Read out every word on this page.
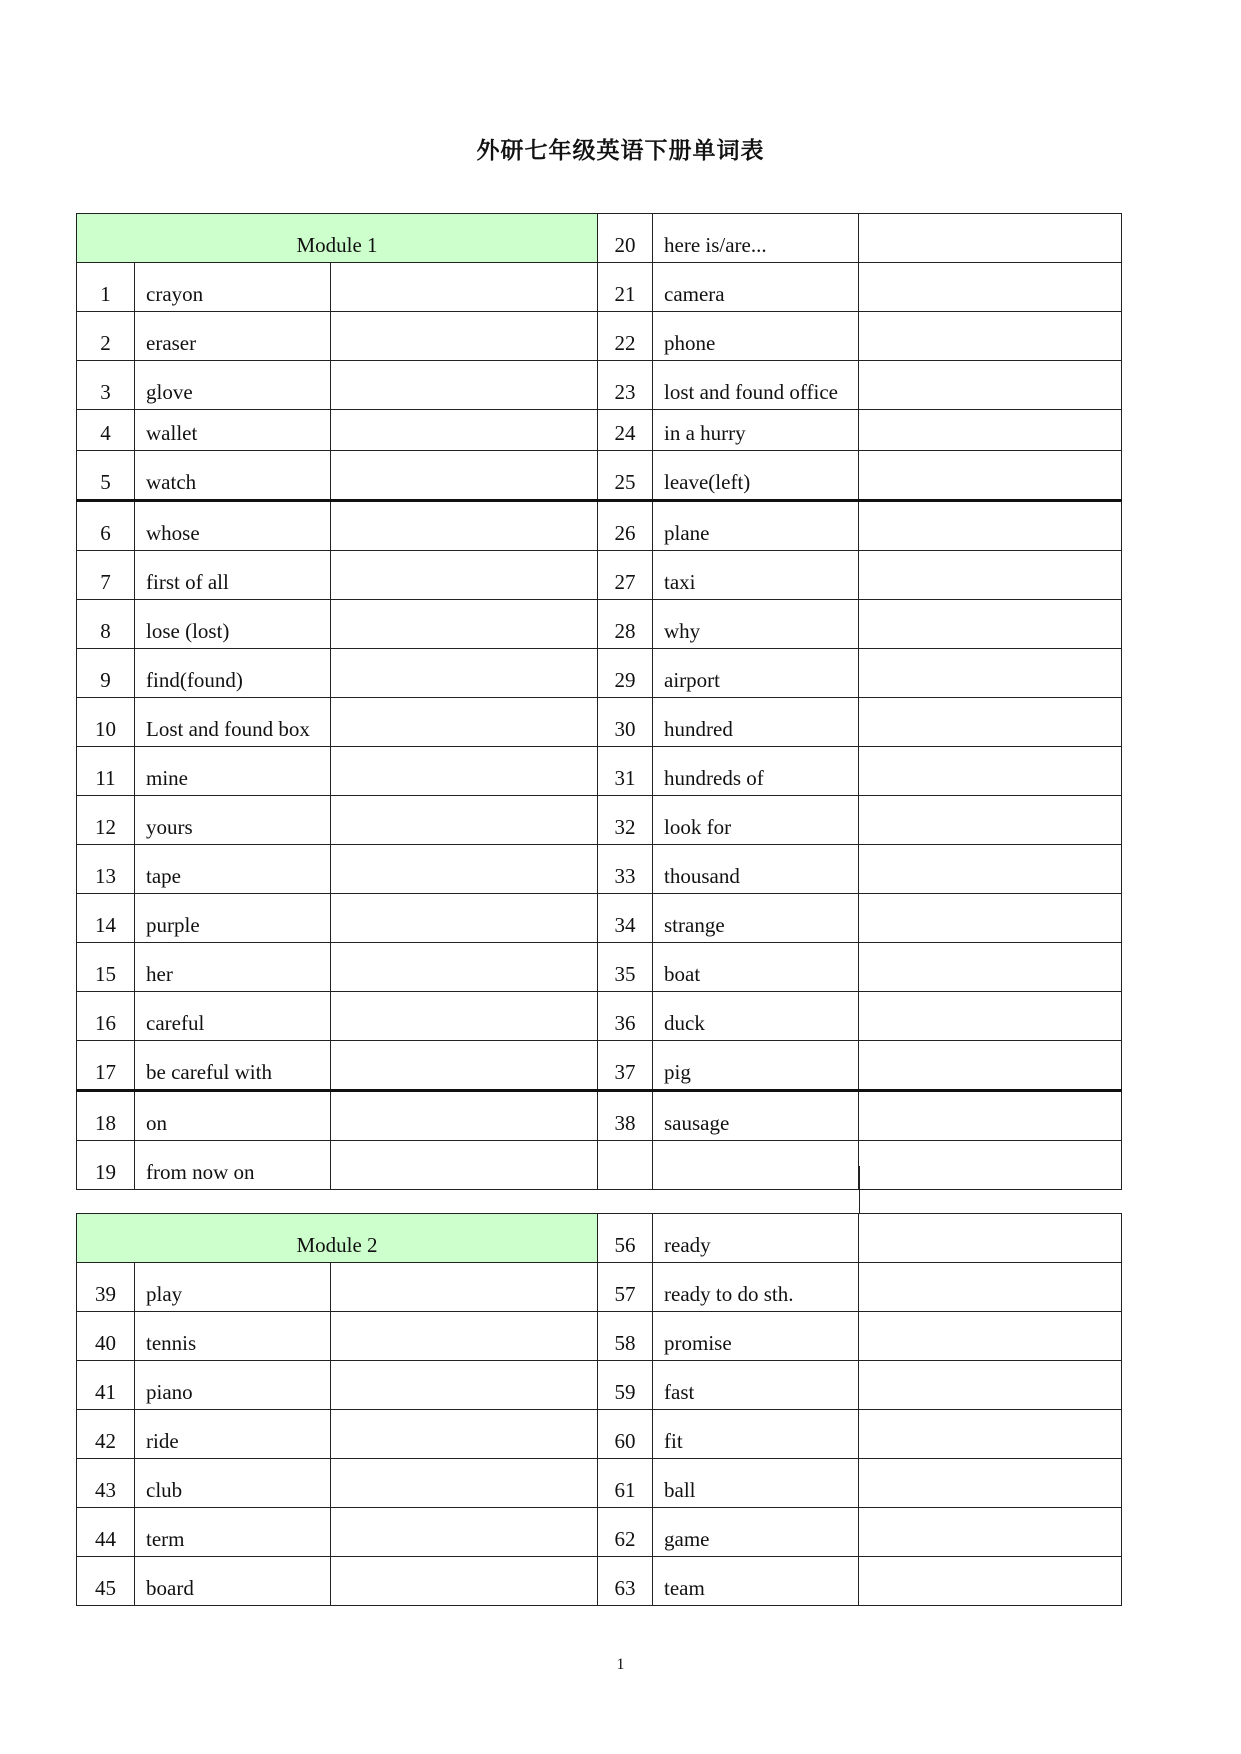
外研七年级英语下册单词表
Module 1			20	here is/are...	
1	crayon		21	camera	
2	eraser		22	phone	
3	glove		23	lost and found office	
4	wallet		24	in a hurry	
5	watch		25	leave(left)	
6	whose		26	plane	
7	first of all		27	taxi	
8	lose (lost)		28	why	
9	find(found)		29	airport	
10	Lost and found box		30	hundred	
11	mine		31	hundreds of	
12	yours		32	look for	
13	tape		33	thousand	
14	purple		34	strange	
15	her		35	boat	
16	careful		36	duck	
17	be careful with		37	pig	
18	on		38	sausage	
19	from now on				
Module 2			56	ready	
39	play		57	ready to do sth.	
40	tennis		58	promise	
41	piano		59	fast	
42	ride		60	fit	
43	club		61	ball	
44	term		62	game	
45	board		63	team	
1
